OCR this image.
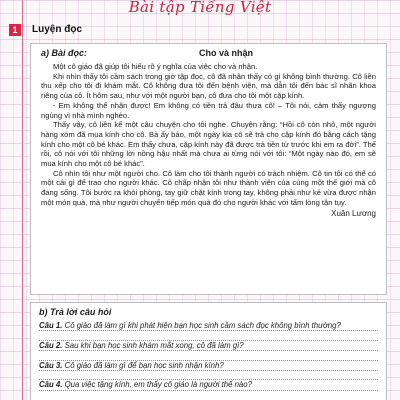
Bài tập Tiếng Việt
1	Luyện đọc
a) Bài đọc:	Cho và nhận

Một cô giáo đã giúp tôi hiểu rõ ý nghĩa của việc cho và nhận.

Khi nhìn thấy tôi cầm sách trong giờ tập đọc, cô đã nhận thấy có gì không bình thường. Cô liền thu xếp cho tôi đi khám mắt. Cô không đưa tôi đến bệnh viện, mà dẫn tôi đến bác sĩ nhãn khoa riêng của cô. Ít hôm sau, như với một người bạn, cô đưa cho tôi một cặp kính.

- Em không thể nhận được! Em không có tiền trả đâu thưa cô! – Tôi nói, cảm thấy ngượng ngùng vì nhà mình nghèo.

Thấy vậy, cô liền kể một câu chuyện cho tôi nghe. Chuyện rằng: “Hồi cô còn nhỏ, một người hàng xóm đã mua kính cho cô. Bà ấy bảo, một ngày kia cô sẽ trả cho cặp kính đó bằng cách tặng kính cho một cô bé khác. Em thấy chưa, cặp kính này đã được trả tiền từ trước khi em ra đời”. Thế rồi, cô nói với tôi những lời nồng hậu nhất mà chưa ai từng nói với tôi: “Một ngày nào đó, em sẽ mua kính cho một cô bé khác”.

Cô nhìn tôi như một người cho. Cô làm cho tôi thành người có trách nhiệm. Cô tin tôi có thể có một cái gì để trao cho người khác. Cô chấp nhận tôi như thành viên của cùng một thế giới mà cô đang sống. Tôi bước ra khỏi phòng, tay giữ chặt kính trong tay, không phải như kẻ vừa được nhận một món quà, mà như người chuyển tiếp món quà đó cho người khác với tấm lòng tận tụy.

Xuân Lương
b) Trả lời câu hỏi
Câu 1. Cô giáo đã làm gì khi phát hiện bạn học sinh cầm sách đọc không bình thường?
Câu 2. Sau khi bạn học sinh khám mắt xong, cô đã làm gì?
Câu 3. Cô giáo đã làm gì để bạn học sinh nhận kính?
Câu 4. Qua việc tặng kính, em thấy cô giáo là người thế nào?
